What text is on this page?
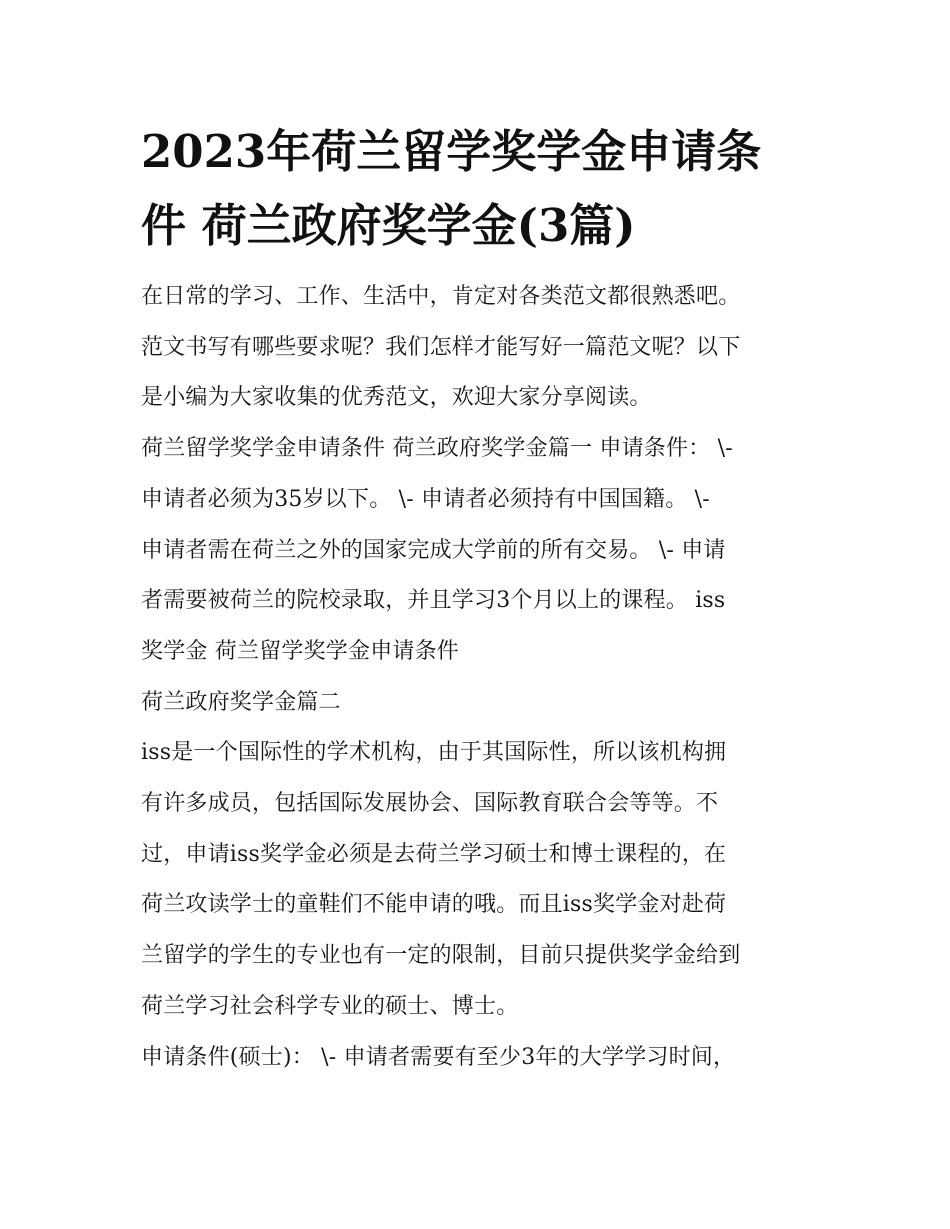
2023年荷兰留学奖学金申请条
件 荷兰政府奖学金(3篇)

在日常的学习、工作、生活中，肯定对各类范文都很熟悉吧。
范文书写有哪些要求呢？我们怎样才能写好一篇范文呢？以下
是小编为大家收集的优秀范文，欢迎大家分享阅读。

荷兰留学奖学金申请条件 荷兰政府奖学金篇一 申请条件： \-
申请者必须为35岁以下。 \- 申请者必须持有中国国籍。 \-
申请者需在荷兰之外的国家完成大学前的所有交易。 \- 申请
者需要被荷兰的院校录取，并且学习3个月以上的课程。 iss
奖学金 荷兰留学奖学金申请条件

荷兰政府奖学金篇二

iss是一个国际性的学术机构，由于其国际性，所以该机构拥
有许多成员，包括国际发展协会、国际教育联合会等等。不
过，申请iss奖学金必须是去荷兰学习硕士和博士课程的，在
荷兰攻读学士的童鞋们不能申请的哦。而且iss奖学金对赴荷
兰留学的学生的专业也有一定的限制，目前只提供奖学金给到
荷兰学习社会科学专业的硕士、博士。

申请条件(硕士)： \- 申请者需要有至少3年的大学学习时间，
